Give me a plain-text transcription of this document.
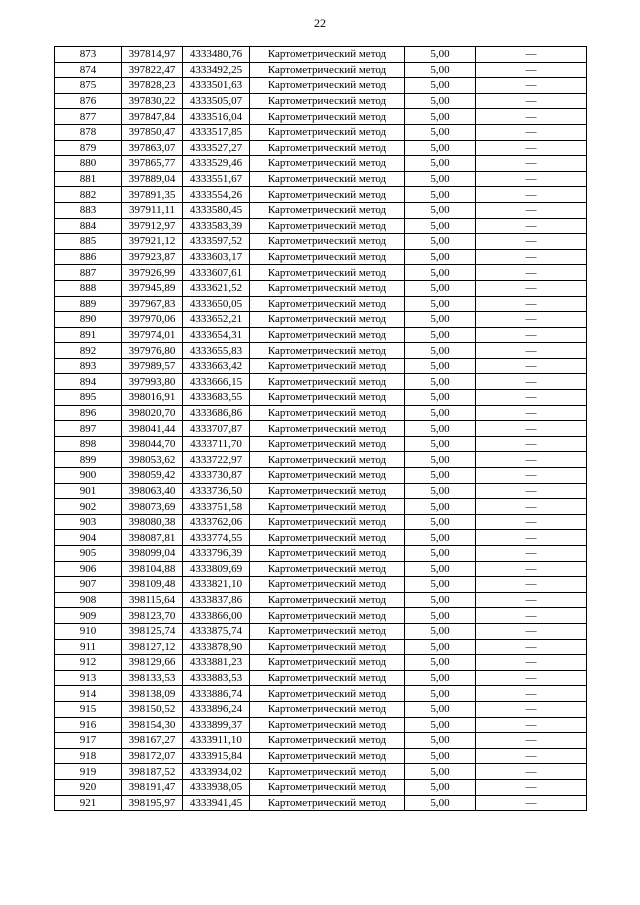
22
873	397814,97	4333480,76	Картометрический метод	5,00	—
874	397822,47	4333492,25	Картометрический метод	5,00	—
875	397828,23	4333501,63	Картометрический метод	5,00	—
876	397830,22	4333505,07	Картометрический метод	5,00	—
877	397847,84	4333516,04	Картометрический метод	5,00	—
878	397850,47	4333517,85	Картометрический метод	5,00	—
879	397863,07	4333527,27	Картометрический метод	5,00	—
880	397865,77	4333529,46	Картометрический метод	5,00	—
881	397889,04	4333551,67	Картометрический метод	5,00	—
882	397891,35	4333554,26	Картометрический метод	5,00	—
883	397911,11	4333580,45	Картометрический метод	5,00	—
884	397912,97	4333583,39	Картометрический метод	5,00	—
885	397921,12	4333597,52	Картометрический метод	5,00	—
886	397923,87	4333603,17	Картометрический метод	5,00	—
887	397926,99	4333607,61	Картометрический метод	5,00	—
888	397945,89	4333621,52	Картометрический метод	5,00	—
889	397967,83	4333650,05	Картометрический метод	5,00	—
890	397970,06	4333652,21	Картометрический метод	5,00	—
891	397974,01	4333654,31	Картометрический метод	5,00	—
892	397976,80	4333655,83	Картометрический метод	5,00	—
893	397989,57	4333663,42	Картометрический метод	5,00	—
894	397993,80	4333666,15	Картометрический метод	5,00	—
895	398016,91	4333683,55	Картометрический метод	5,00	—
896	398020,70	4333686,86	Картометрический метод	5,00	—
897	398041,44	4333707,87	Картометрический метод	5,00	—
898	398044,70	4333711,70	Картометрический метод	5,00	—
899	398053,62	4333722,97	Картометрический метод	5,00	—
900	398059,42	4333730,87	Картометрический метод	5,00	—
901	398063,40	4333736,50	Картометрический метод	5,00	—
902	398073,69	4333751,58	Картометрический метод	5,00	—
903	398080,38	4333762,06	Картометрический метод	5,00	—
904	398087,81	4333774,55	Картометрический метод	5,00	—
905	398099,04	4333796,39	Картометрический метод	5,00	—
906	398104,88	4333809,69	Картометрический метод	5,00	—
907	398109,48	4333821,10	Картометрический метод	5,00	—
908	398115,64	4333837,86	Картометрический метод	5,00	—
909	398123,70	4333866,00	Картометрический метод	5,00	—
910	398125,74	4333875,74	Картометрический метод	5,00	—
911	398127,12	4333878,90	Картометрический метод	5,00	—
912	398129,66	4333881,23	Картометрический метод	5,00	—
913	398133,53	4333883,53	Картометрический метод	5,00	—
914	398138,09	4333886,74	Картометрический метод	5,00	—
915	398150,52	4333896,24	Картометрический метод	5,00	—
916	398154,30	4333899,37	Картометрический метод	5,00	—
917	398167,27	4333911,10	Картометрический метод	5,00	—
918	398172,07	4333915,84	Картометрический метод	5,00	—
919	398187,52	4333934,02	Картометрический метод	5,00	—
920	398191,47	4333938,05	Картометрический метод	5,00	—
921	398195,97	4333941,45	Картометрический метод	5,00	—
